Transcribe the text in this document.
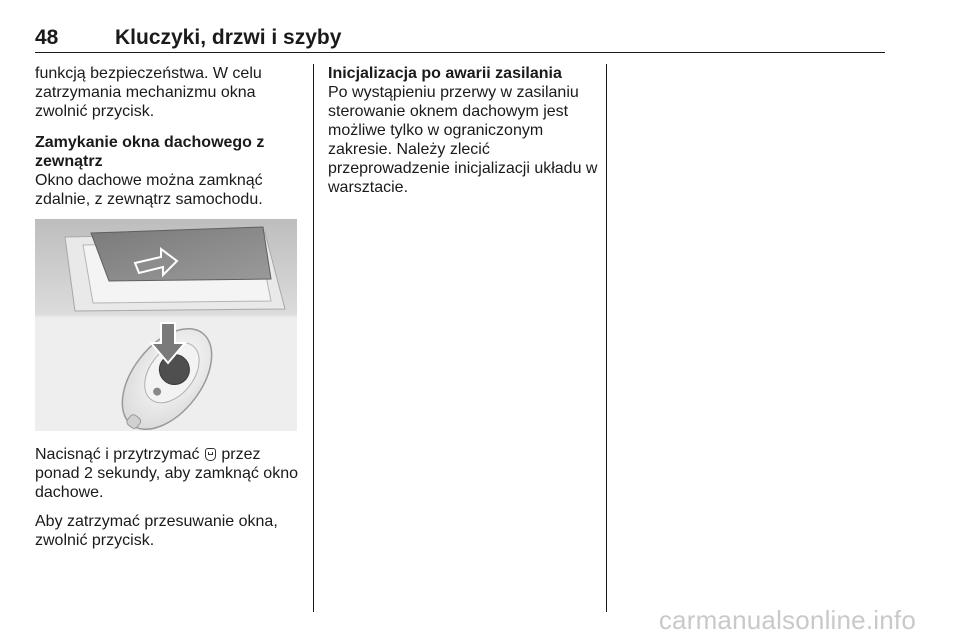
48	Kluczyki, drzwi i szyby

funkcją bezpieczeństwa. W celu zatrzymania mechanizmu okna zwolnić przycisk.

Zamykanie okna dachowego z zewnątrz

Okno dachowe można zamknąć zdalnie, z zewnątrz samochodu.

Nacisnąć i przytrzymać  przez ponad 2 sekundy, aby zamknąć okno dachowe.

Aby zatrzymać przesuwanie okna, zwolnić przycisk.

Inicjalizacja po awarii zasilania

Po wystąpieniu przerwy w zasilaniu sterowanie oknem dachowym jest możliwe tylko w ograniczonym zakresie. Należy zlecić przeprowadzenie inicjalizacji układu w warsztacie.

carmanualsonline.info
